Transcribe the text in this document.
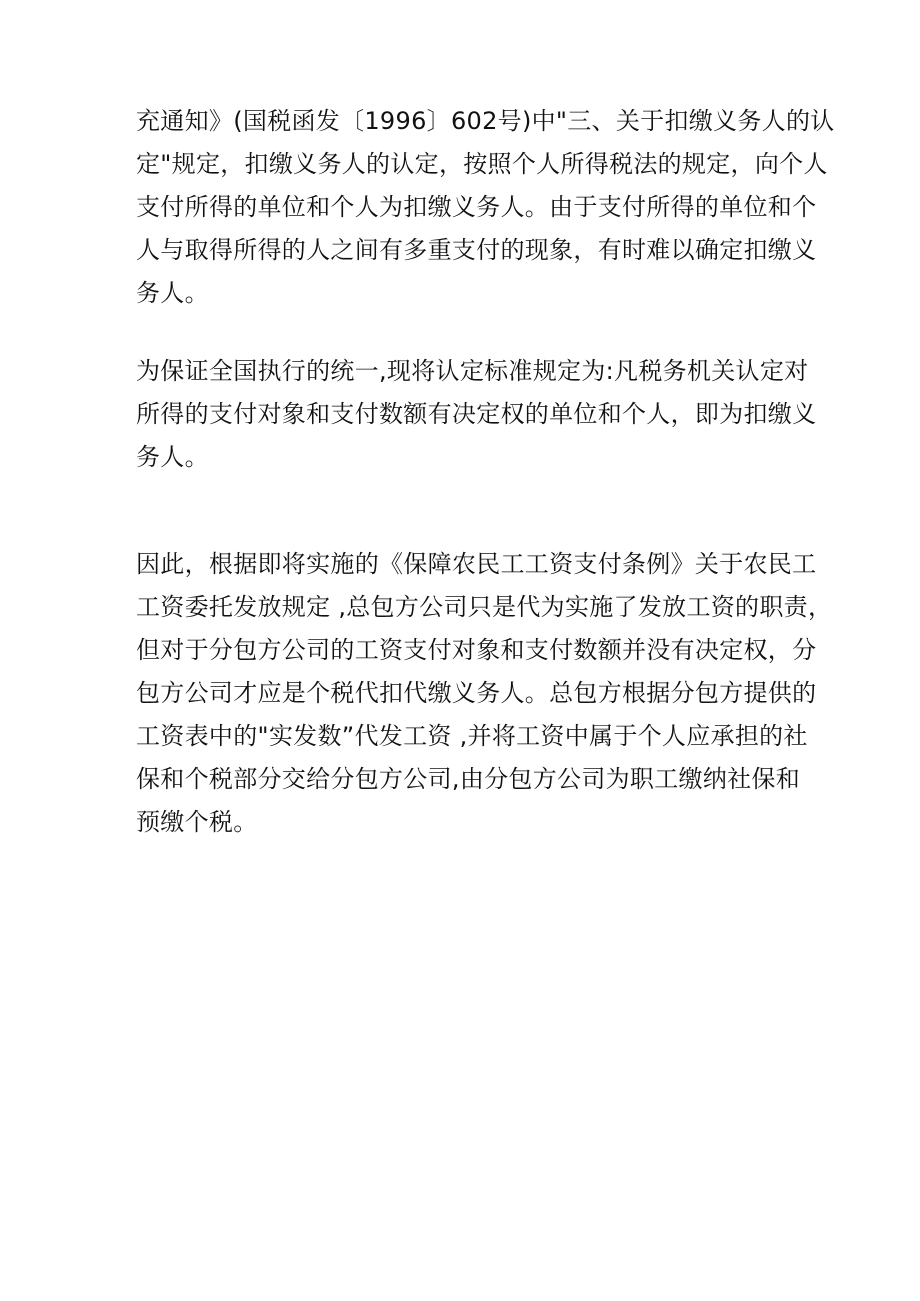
充通知》(国税函发〔1996〕602号)中"三、关于扣缴义务人的认
定"规定，扣缴义务人的认定，按照个人所得税法的规定，向个人
支付所得的单位和个人为扣缴义务人。由于支付所得的单位和个
人与取得所得的人之间有多重支付的现象，有时难以确定扣缴义
务人。
为保证全国执行的统一,现将认定标准规定为:凡税务机关认定对
所得的支付对象和支付数额有决定权的单位和个人，即为扣缴义
务人。
因此，根据即将实施的《保障农民工工资支付条例》关于农民工
工资委托发放规定 ,总包方公司只是代为实施了发放工资的职责，
但对于分包方公司的工资支付对象和支付数额并没有决定权，分
包方公司才应是个税代扣代缴义务人。总包方根据分包方提供的
工资表中的"实发数”代发工资 ,并将工资中属于个人应承担的社
保和个税部分交给分包方公司,由分包方公司为职工缴纳社保和
预缴个税。
